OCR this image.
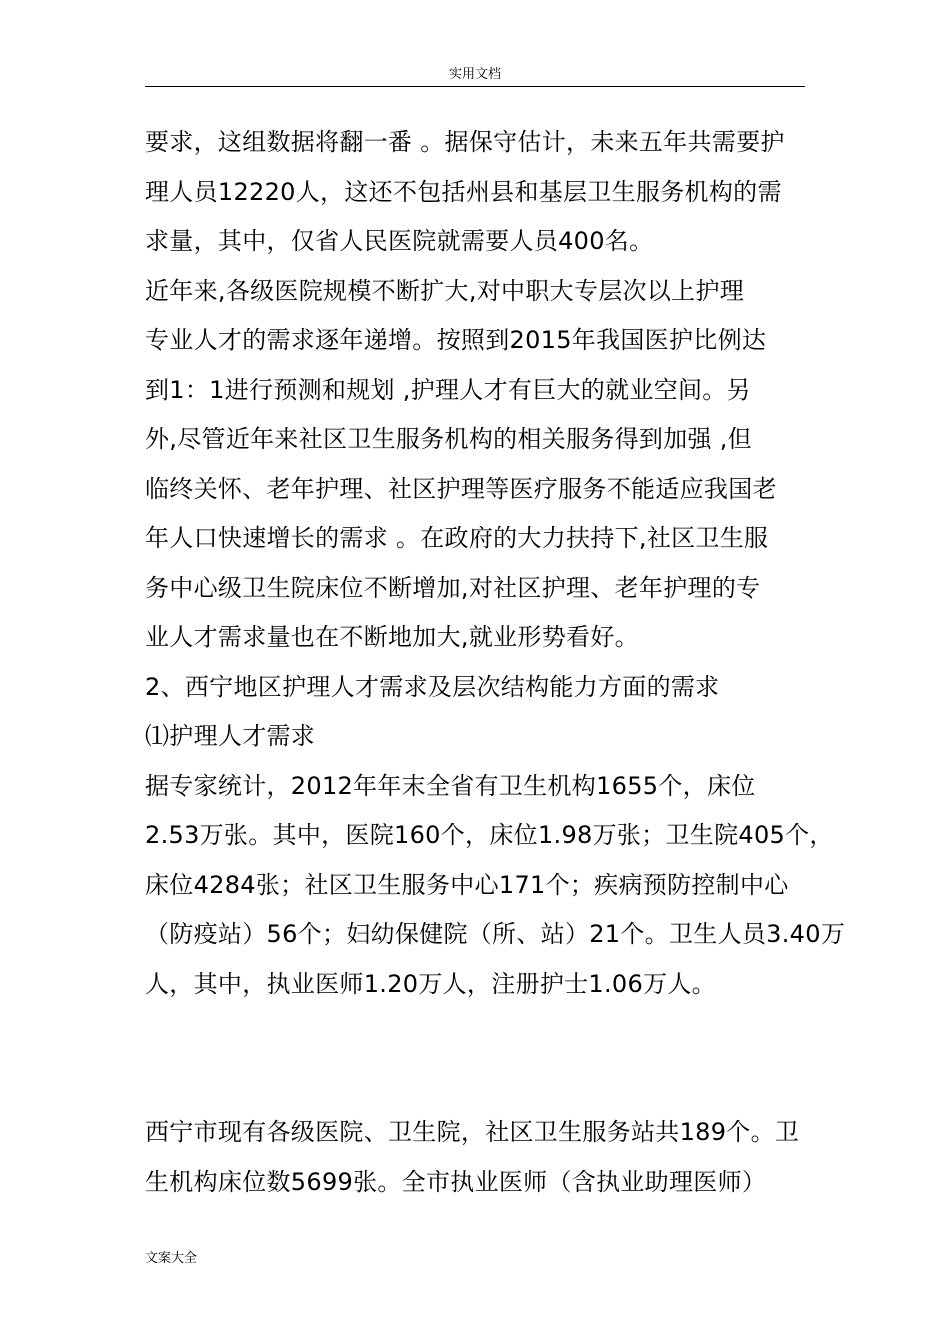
实用文档
要求，这组数据将翻一番 。据保守估计，未来五年共需要护
理人员12220人，这还不包括州县和基层卫生服务机构的需
求量，其中，仅省人民医院就需要人员400名。
近年来,各级医院规模不断扩大,对中职大专层次以上护理
专业人才的需求逐年递增。按照到2015年我国医护比例达
到1：1进行预测和规划 ,护理人才有巨大的就业空间。另
外,尽管近年来社区卫生服务机构的相关服务得到加强 ,但
临终关怀、老年护理、社区护理等医疗服务不能适应我国老
年人口快速增长的需求 。在政府的大力扶持下,社区卫生服
务中心级卫生院床位不断增加,对社区护理、老年护理的专
业人才需求量也在不断地加大,就业形势看好。
2、西宁地区护理人才需求及层次结构能力方面的需求
⑴护理人才需求
据专家统计，2012年年末全省有卫生机构1655个，床位
2.53万张。其中，医院160个，床位1.98万张；卫生院405个，
床位4284张；社区卫生服务中心171个；疾病预防控制中心
（防疫站）56个；妇幼保健院（所、站）21个。卫生人员3.40万
人，其中，执业医师1.20万人，注册护士1.06万人。
西宁市现有各级医院、卫生院，社区卫生服务站共189个。卫
生机构床位数5699张。全市执业医师（含执业助理医师）
文案大全
